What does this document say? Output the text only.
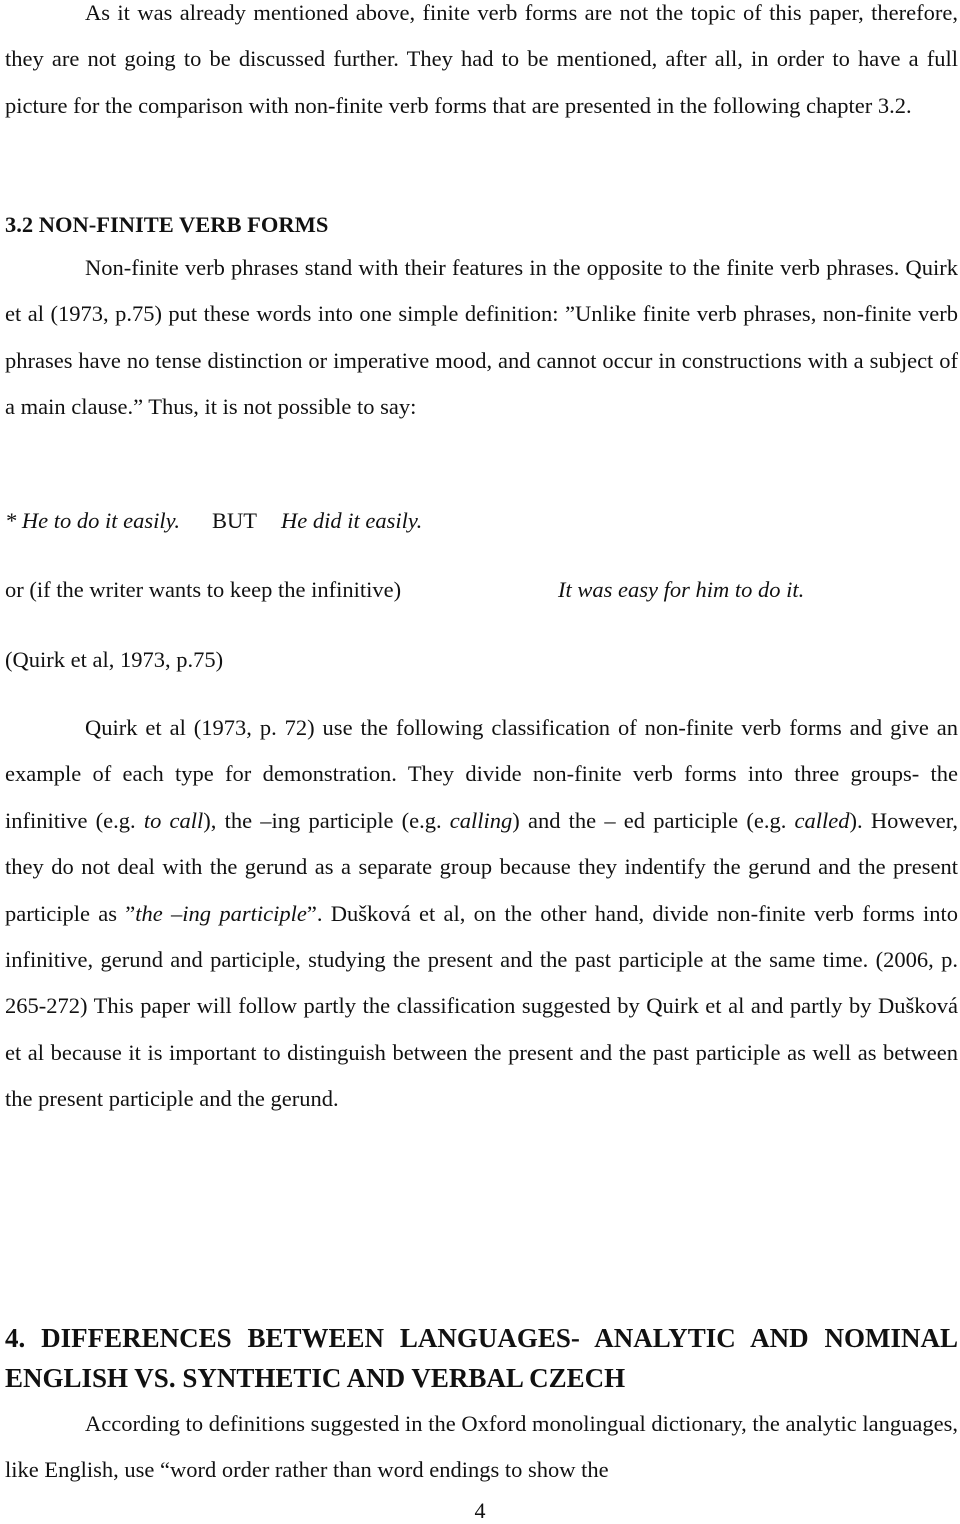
As it was already mentioned above, finite verb forms are not the topic of this paper, therefore, they are not going to be discussed further. They had to be mentioned, after all, in order to have a full picture for the comparison with non-finite verb forms that are presented in the following chapter 3.2.

3.2 NON-FINITE VERB FORMS

Non-finite verb phrases stand with their features in the opposite to the finite verb phrases. Quirk et al (1973, p.75) put these words into one simple definition: ”Unlike finite verb phrases, non-finite verb phrases have no tense distinction or imperative mood, and cannot occur in constructions with a subject of a main clause.” Thus, it is not possible to say:

* He to do it easily. BUT He did it easily.

or (if the writer wants to keep the infinitive)	It was easy for him to do it.

(Quirk et al, 1973, p.75)

Quirk et al (1973, p. 72) use the following classification of non-finite verb forms and give an example of each type for demonstration. They divide non-finite verb forms into three groups- the infinitive (e.g. to call), the –ing participle (e.g. calling) and the – ed participle (e.g. called). However, they do not deal with the gerund as a separate group because they indentify the gerund and the present participle as ”the –ing participle”. Dušková et al, on the other hand, divide non-finite verb forms into infinitive, gerund and participle, studying the present and the past participle at the same time. (2006, p. 265-272) This paper will follow partly the classification suggested by Quirk et al and partly by Dušková et al because it is important to distinguish between the present and the past participle as well as between the present participle and the gerund.

4. DIFFERENCES BETWEEN LANGUAGES- ANALYTIC AND NOMINAL ENGLISH VS. SYNTHETIC AND VERBAL CZECH

According to definitions suggested in the Oxford monolingual dictionary, the analytic languages, like English, use “word order rather than word endings to show the

4
